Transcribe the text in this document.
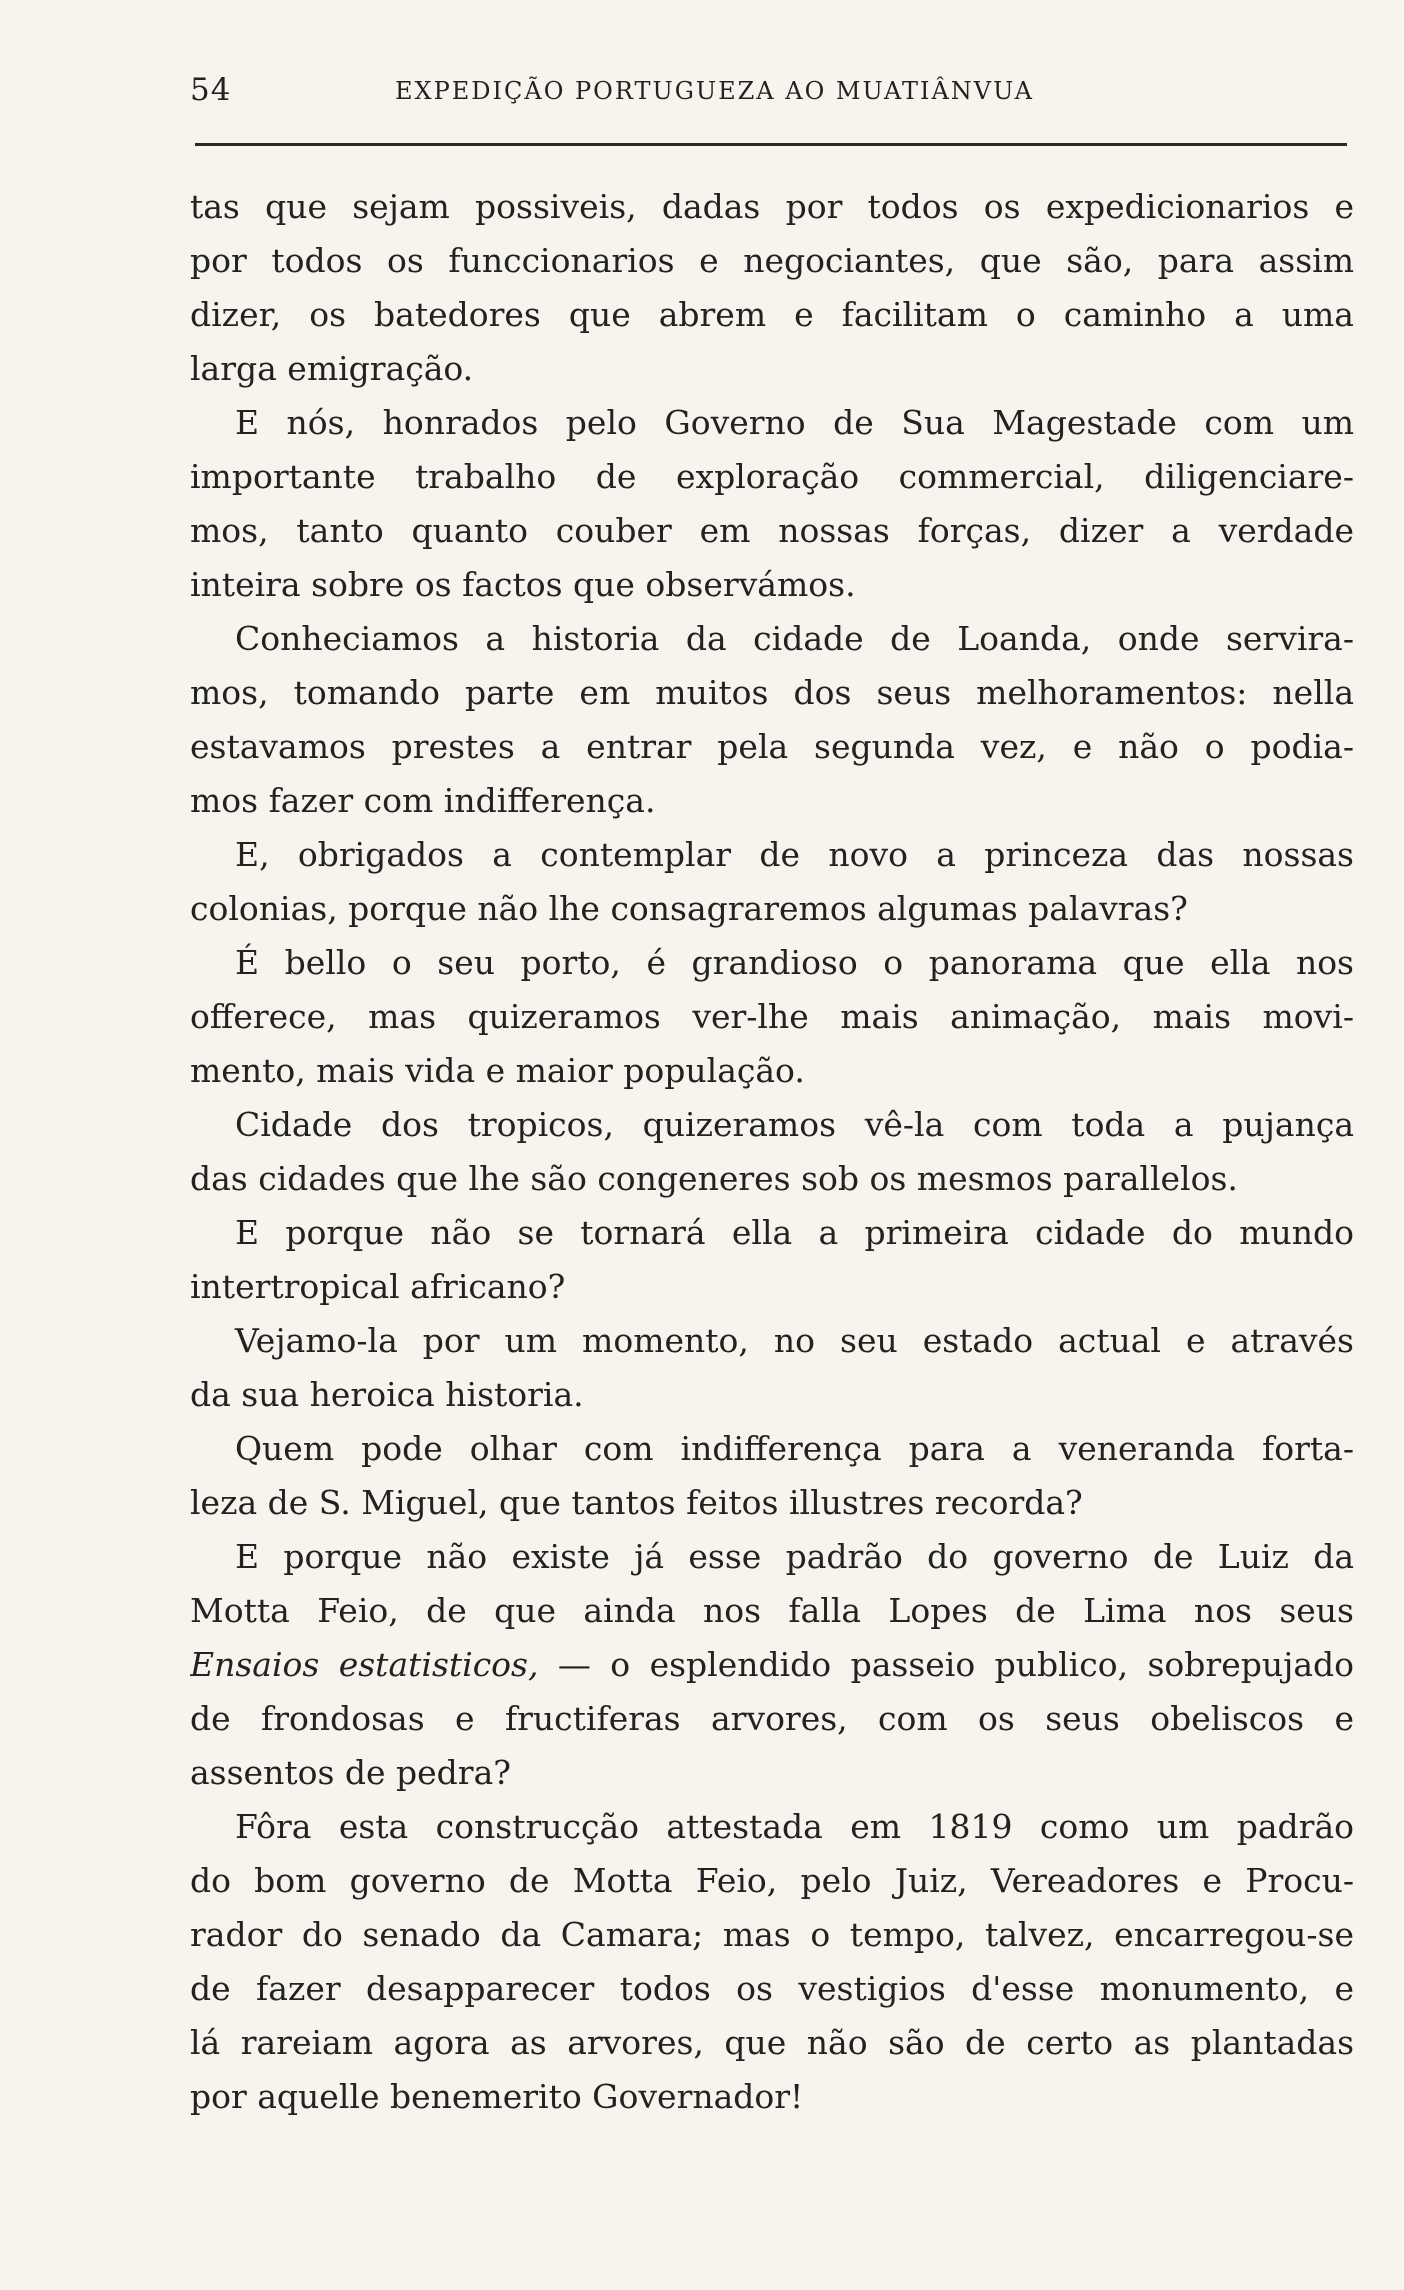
54	EXPEDIÇÃO PORTUGUEZA AO MUATIÂNVUA
tas que sejam possiveis, dadas por todos os expedicionarios e
por todos os funccionarios e negociantes, que são, para assim
dizer, os batedores que abrem e facilitam o caminho a uma
larga emigração.
E nós, honrados pelo Governo de Sua Magestade com um
importante trabalho de exploração commercial, diligenciare-
mos, tanto quanto couber em nossas forças, dizer a verdade
inteira sobre os factos que observámos.
Conheciamos a historia da cidade de Loanda, onde servira-
mos, tomando parte em muitos dos seus melhoramentos: nella
estavamos prestes a entrar pela segunda vez, e não o podia-
mos fazer com indifferença.
E, obrigados a contemplar de novo a princeza das nossas
colonias, porque não lhe consagraremos algumas palavras?
É bello o seu porto, é grandioso o panorama que ella nos
offerece, mas quizeramos ver-lhe mais animação, mais movi-
mento, mais vida e maior população.
Cidade dos tropicos, quizeramos vê-la com toda a pujança
das cidades que lhe são congeneres sob os mesmos parallelos.
E porque não se tornará ella a primeira cidade do mundo
intertropical africano?
Vejamo-la por um momento, no seu estado actual e através
da sua heroica historia.
Quem pode olhar com indifferença para a veneranda forta-
leza de S. Miguel, que tantos feitos illustres recorda?
E porque não existe já esse padrão do governo de Luiz da
Motta Feio, de que ainda nos falla Lopes de Lima nos seus
Ensaios estatisticos, — o esplendido passeio publico, sobrepujado
de frondosas e fructiferas arvores, com os seus obeliscos e
assentos de pedra?
Fôra esta construcção attestada em 1819 como um padrão
do bom governo de Motta Feio, pelo Juiz, Vereadores e Procu-
rador do senado da Camara; mas o tempo, talvez, encarregou-se
de fazer desapparecer todos os vestigios d'esse monumento, e
lá rareiam agora as arvores, que não são de certo as plantadas
por aquelle benemerito Governador!
